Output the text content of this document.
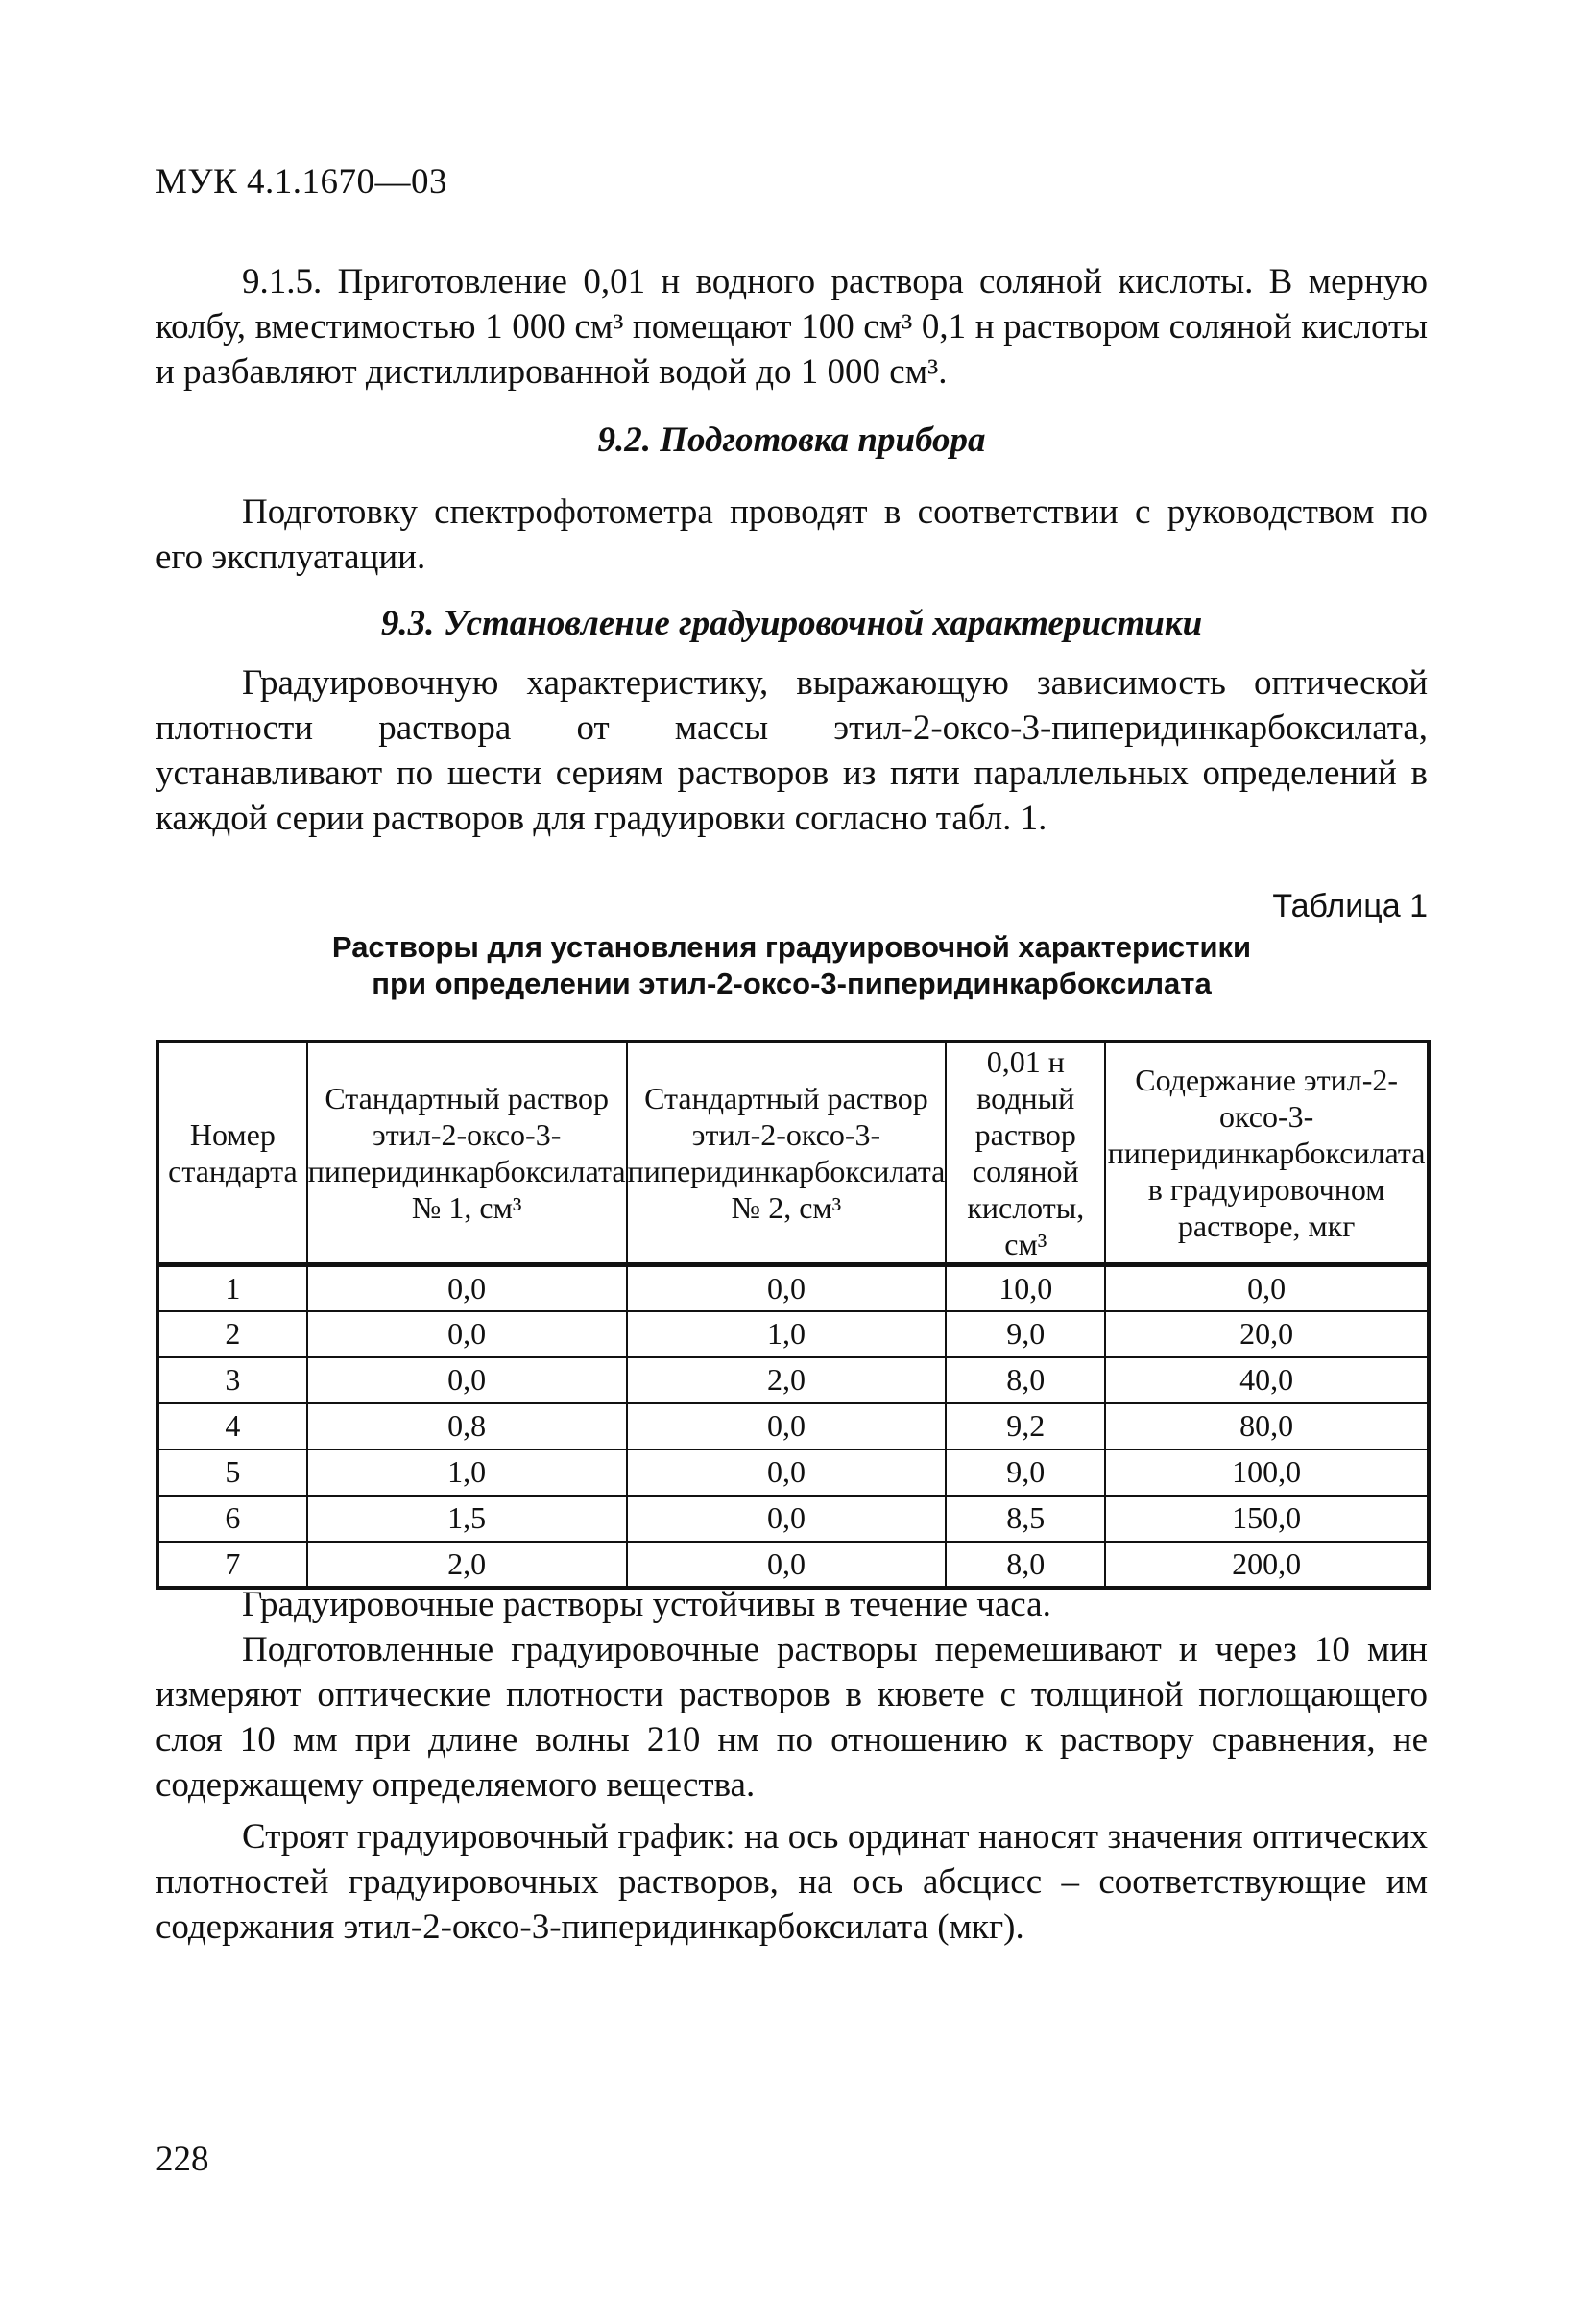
МУК 4.1.1670—03

9.1.5. Приготовление 0,01 н водного раствора соляной кислоты. В мерную колбу, вместимостью 1 000 см³ помещают 100 см³ 0,1 н раствором соляной кислоты и разбавляют дистиллированной водой до 1 000 см³.

9.2. Подготовка прибора

Подготовку спектрофотометра проводят в соответствии с руководством по его эксплуатации.

9.3. Установление градуировочной характеристики

Градуировочную характеристику, выражающую зависимость оптической плотности раствора от массы этил-2-оксо-3-пиперидинкарбоксилата, устанавливают по шести сериям растворов из пяти параллельных определений в каждой серии растворов для градуировки согласно табл. 1.

Таблица 1
Растворы для установления градуировочной характеристики
при определении этил-2-оксо-3-пиперидинкарбоксилата
Номер стандарта	Стандартный раствор этил-2-оксо-3-пиперидинкарбоксилата № 1, см³	Стандартный раствор этил-2-оксо-3-пиперидинкарбоксилата № 2, см³	0,01 н водный раствор соляной кислоты, см³	Содержание этил-2-оксо-3-пиперидинкарбоксилата в градуировочном растворе, мкг
1	0,0	0,0	10,0	0,0
2	0,0	1,0	9,0	20,0
3	0,0	2,0	8,0	40,0
4	0,8	0,0	9,2	80,0
5	1,0	0,0	9,0	100,0
6	1,5	0,0	8,5	150,0
7	2,0	0,0	8,0	200,0

Градуировочные растворы устойчивы в течение часа.

Подготовленные градуировочные растворы перемешивают и через 10 мин измеряют оптические плотности растворов в кювете с толщиной поглощающего слоя 10 мм при длине волны 210 нм по отношению к раствору сравнения, не содержащему определяемого вещества.

Строят градуировочный график: на ось ординат наносят значения оптических плотностей градуировочных растворов, на ось абсцисс – соответствующие им содержания этил-2-оксо-3-пиперидинкарбоксилата (мкг).

228
